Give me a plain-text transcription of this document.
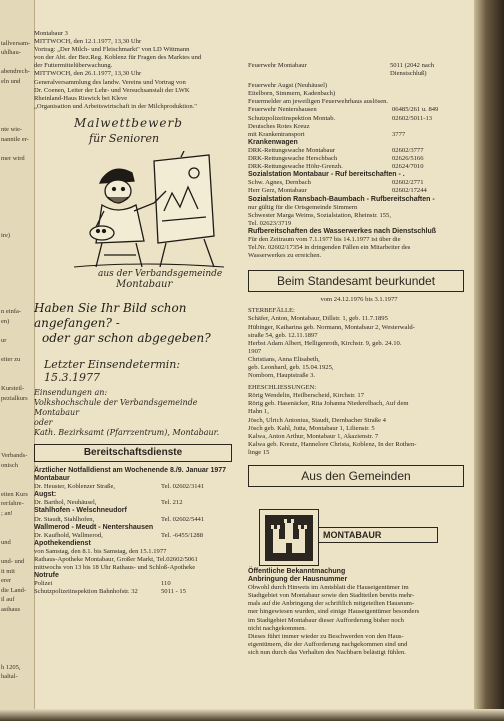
tallversam-
uhlhau-
abendrech-
eln und
nte wie-
nanntle er-
mer wird
ire)
n einfa-
en)
ur
eiter zu
Kursteil-
pezialkurs
Verbands-
onisch
eiten Kurs
rerfahre-
; an!
und
und- und
it mit
erer
die Land-
il auf
asthaus
h 1205,
haltal-

Montabaur 3

MITTWOCH, den 12.1.1977, 13,30 Uhr

Vortrag: „Der Milch- und Fleischmarkt" von LD Wittmann

von der Abt. der Bez.Reg. Koblenz für Fragen des Marktes und

der Futtermittelüberwachung.

MITTWOCH, den 26.1.1977, 13,30 Uhr

Generalversammlung des landw. Vereins und Vortrag von

Dr. Coenen, Leiter der Lehr- und Versuchsanstalt der LWK

Rheinland-Haus Riswick bei Kleve

„Organisation und Arbeitswirtschaft in der Milchproduktion."

Malwettbewerb

für Senioren

aus der Verbandsgemeinde

Montabaur

Haben Sie Ihr Bild schon

angefangen? -

oder gar schon abgegeben?

Letzter Einsendetermin: 15.3.1977

Einsendungen an:

Volkshochschule der Verbandsgemeinde Montabaur

oder

Kath. Bezirksamt (Pfarrzentrum), Montabaur.

Bereitschaftsdienste

Ärztlicher Notfalldienst am Wochenende 8./9. Januar 1977

Montabaur

Dr. Heuster, Koblenzer Straße,	Tel. 02602/3141

Augst:

Dr. Barthol, Neuhäusel,	Tel. 212

Stahlhofen - Welschneudorf

Dr. Staudt, Stahlhofen,	Tel. 02602/5441

Wallmerod - Meudt - Nentershausen

Dr. Kaufhold, Wallmerod,	Tel. -6455/1288

Apothekendienst

von Samstag, den 8.1. bis Samstag, den 15.1.1977

Rathaus-Apotheke Montabaur, Großer Markt, Tel.02602/5061

mittwochs von 13 bis 18 Uhr Rathaus- und Schloß-Apotheke

Notrufe

Polizei	110
Schutzpolizeiinspektion Bahnhofstr. 32	5011 - 15
Feuerwehr Montabaur	5011 (2042 nach Dienstschluß)

Feuerwehr Augst (Neuhäusel)

Eitelborn, Simmern, Kadenbach)

Feuermelder am jeweiligen Feuerwehrhaus auslösen.

Feuerwehr Nentershausen	06485/261 u. 849
Schutzpolizeiinspektion Montab.	02602/5011-13
Deutsches Rotes Kreuz
mit Krankentransport	3777

Krankenwagen

DRK-Rettungswache Montabaur	02602/3777
DRK-Rettungswache Herschbach	02626/5166
DRK-Rettungswache Höhr-Grenzh.	02624/7010

Sozialstation Montabaur - Ruf bereitschaften - .

Schw. Agnes, Dernbach	02602/2771
Herr Gerz, Montabaur	02602/17244

Sozialstation Ransbach-Baumbach - Rufbereitschaften -

nur gültig für die Ortsgemeinde Simmern

Schwester Marga Weims, Sozialstation, Rheinstr. 155,

Tel. 02623/3719

Rufbereitschaften des Wasserwerkes nach Dienstschluß

Für den Zeitraum vom 7.1.1977 bis 14.1.1977 ist über die

Tel.Nr. 02602/17354 in dringenden Fällen ein Mitarbeiter des

Wasserwerkes zu erreichen.

Beim Standesamt beurkundet

vom 24.12.1976 bis 3.1.1977

STERBEFÄLLE:

Schäfer, Anton, Montabaur, Dillstr. 1, geb. 11.7.1895

Hübinger, Katharina geb. Normann, Montabaur 2, Westerwald-

straße 54, geb. 12.11.1897

Herbst Adam Albert, Helligenroth, Kirchstr. 9, geb. 24.10.

1907

Christians, Anna Elisabeth,

geb. Leonhard, geb. 15.04.1925,

Nomborn, Hauptstraße 3.

EHESCHLIESSUNGEN:

Rörig Wendelin, Heilberscheid, Kirchstr. 17

Rörig geb. Hasenäcker, Rita Johanna Niederelbach, Auf dem

Hahn 1,

Jösch, Ulrich Antonius, Staudt, Dernbacher Straße 4

Jösch geb. Kahl, Jutta, Montabaur 1, Liliensir. 5

Kalwa, Anton Arthur, Montabaur 1, Akazienstr. 7

Kalwa geb. Kreutz, Hannelore Christa, Koblenz, In der Rothen-

linge 15

Aus den Gemeinden
MONTABAUR

Öffentliche Bekanntmachung

Anbringung der Hausnummer

Obwohl durch Hinweis im Amtsblatt die Hauseigentümer im

Stadtgebiet von Montabaur sowie den Stadtteilen bereits mehr-

mals auf die Anbringung der schriftlich mitgeteilten Hausnum-

mer hingewiesen wurden, sind einige Hauseigentümer besonders

im Stadtgebiet Montabaur dieser Aufforderung bisher noch

nicht nachgekommen.

Dieses führt immer wieder zu Beschwerden von den Haus-

eigentümern, die der Aufforderung nachgekommen sind und

sich nun durch das Verhalten des Nachbarn belästigt fühlen.
